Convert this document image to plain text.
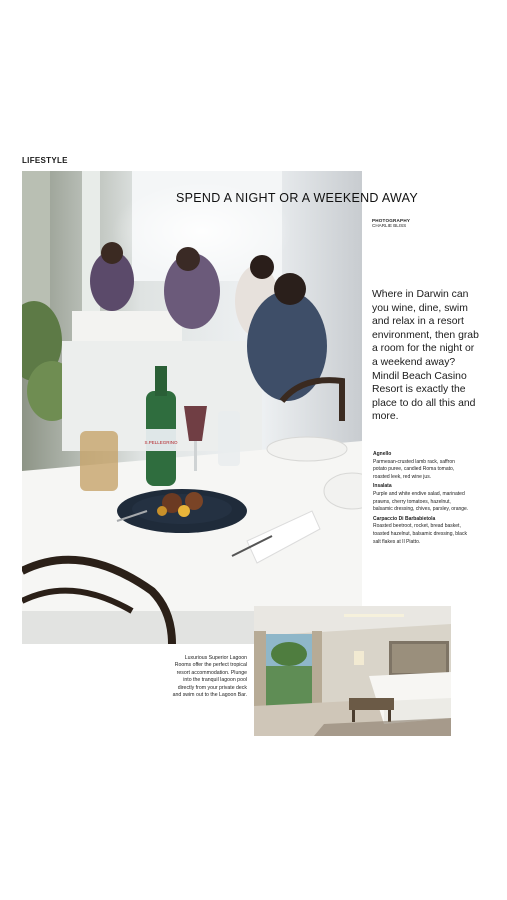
LIFESTYLE
S.PELLEGRINO
SPEND A NIGHT OR A WEEKEND AWAY
PHOTOGRAPHY
CHARLIE BLISS
Where in Darwin can you wine, dine, swim and relax in a resort environment, then grab a room for the night or a weekend away? Mindil Beach Casino Resort is exactly the place to do all this and more.
Agnello
Parmesan-crusted lamb rack, saffron potato puree, candied Roma tomato, roasted leek, red wine jus.
Insalata
Purple and white endive salad, marinated prawns, cherry tomatoes, hazelnut, balsamic dressing, chives, parsley, orange.
Carpaccio Di Barbabietola
Roasted beetroot, rocket, bread basket, toasted hazelnut, balsamic dressing, black salt flakes at Il Piatto.
Luxurious Superior Lagoon Rooms offer the perfect tropical resort accommodation. Plunge into the tranquil lagoon pool directly from your private deck and swim out to the Lagoon Bar.
